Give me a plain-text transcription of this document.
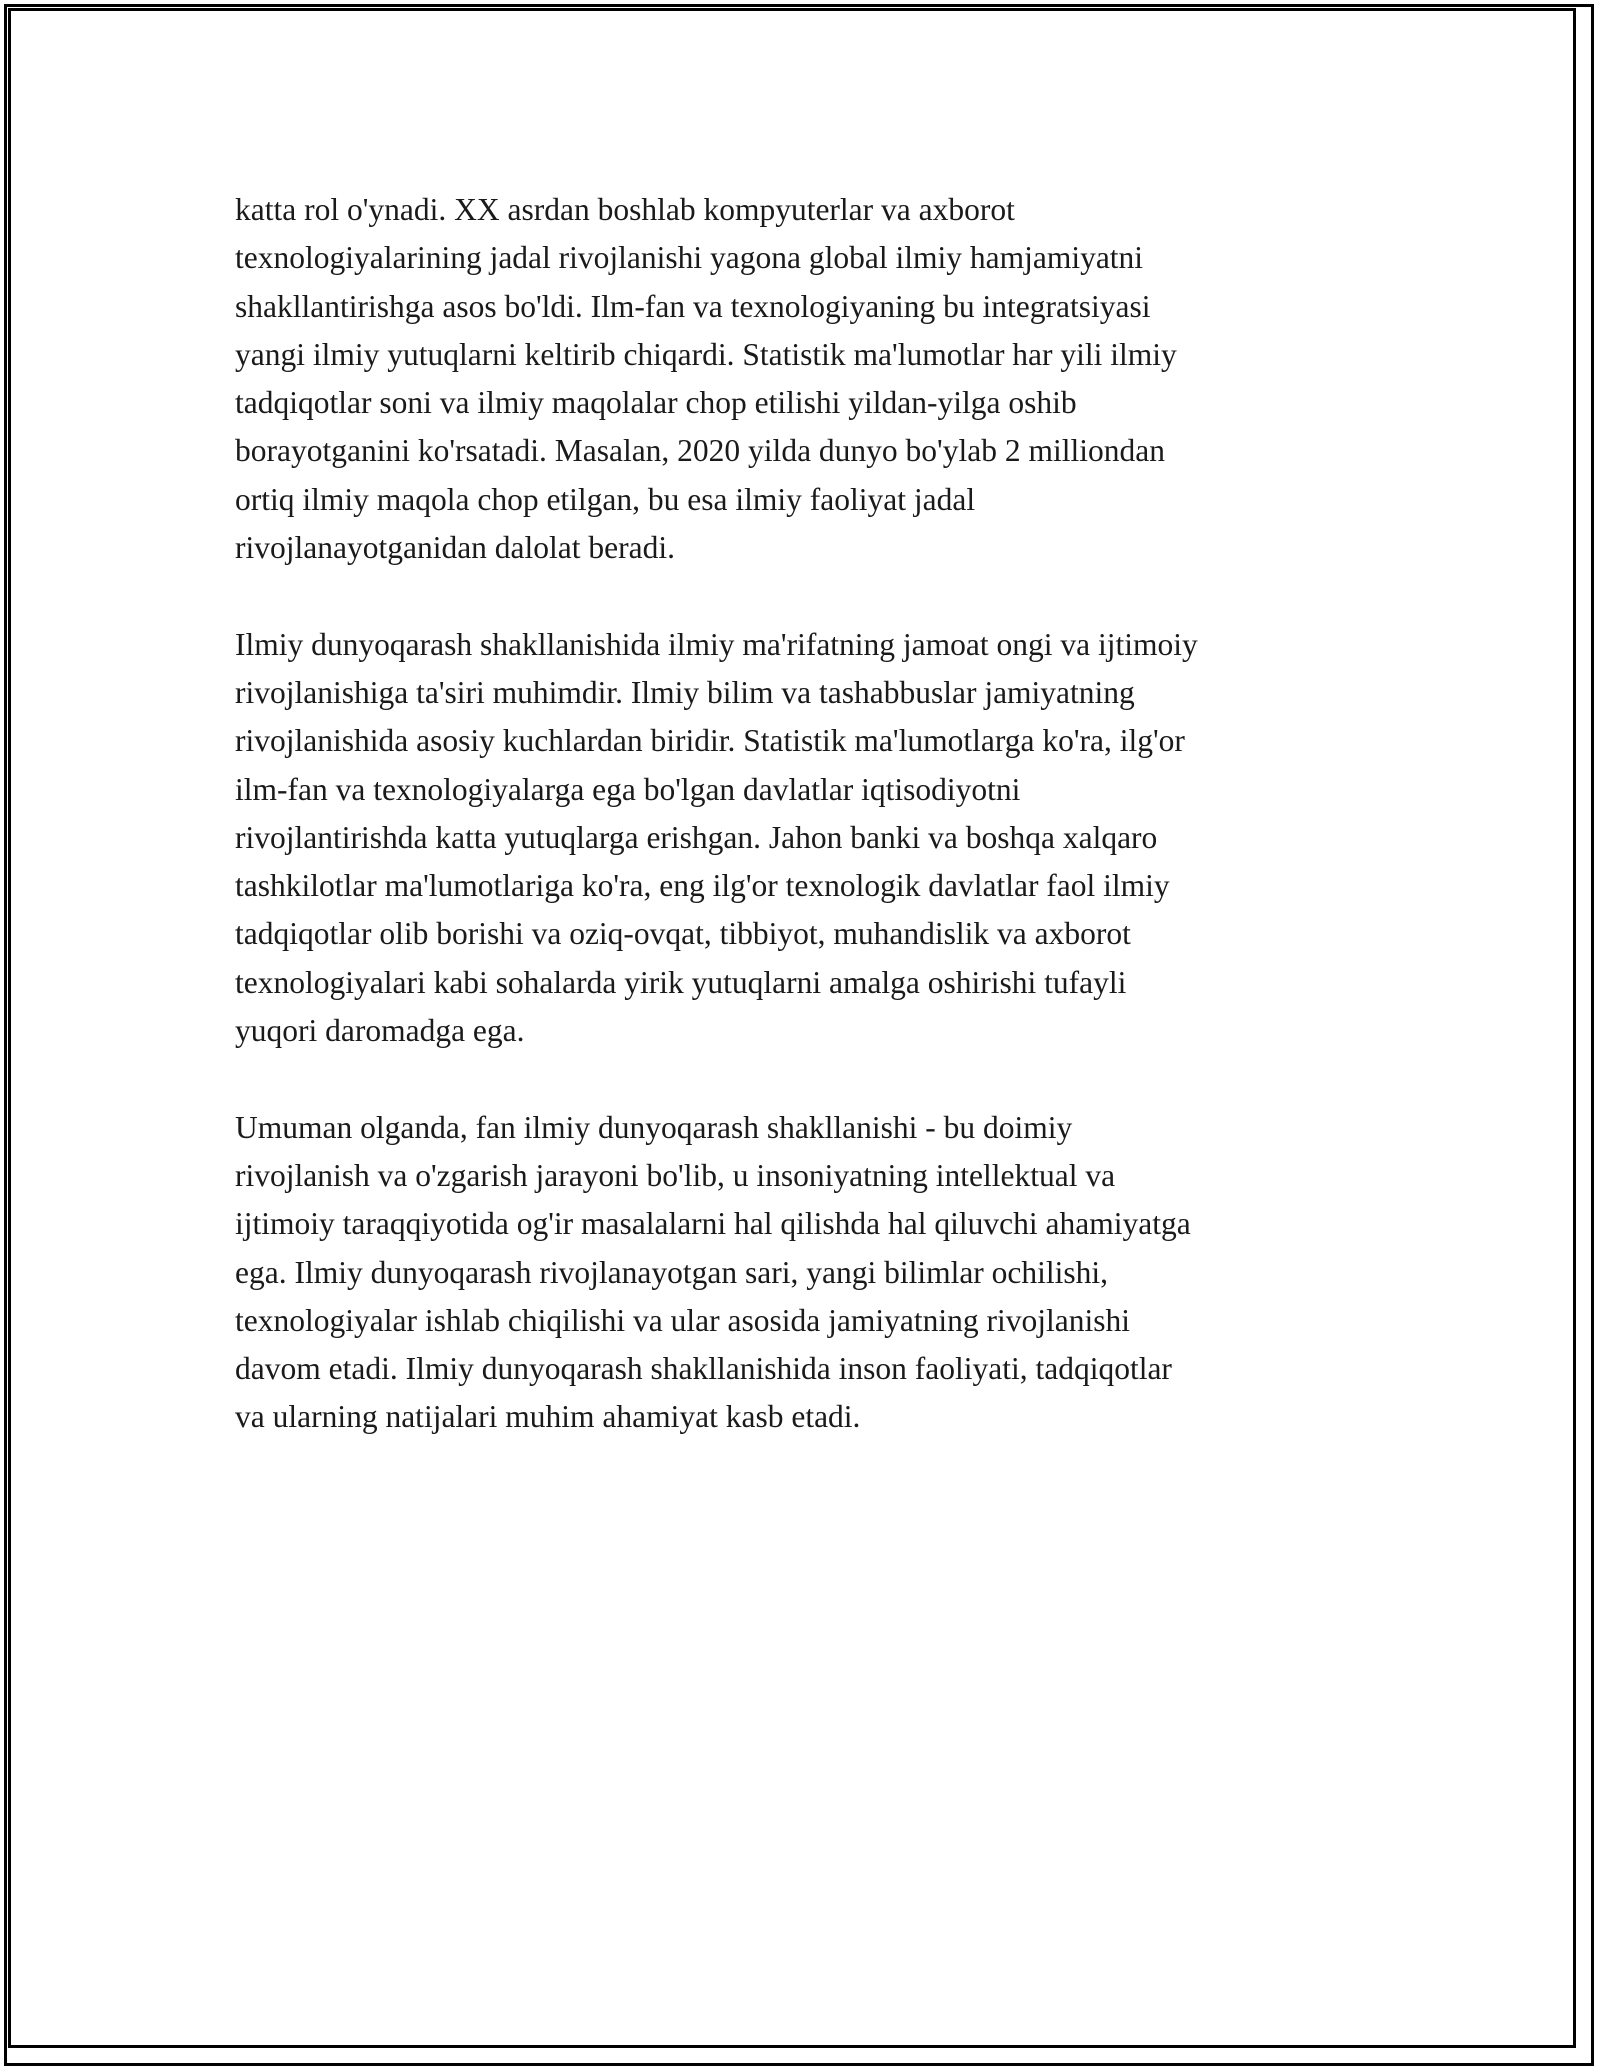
katta rol o'ynadi. XX asrdan boshlab kompyuterlar va axborot
texnologiyalarining jadal rivojlanishi yagona global ilmiy hamjamiyatni
shakllantirishga asos bo'ldi. Ilm-fan va texnologiyaning bu integratsiyasi
yangi ilmiy yutuqlarni keltirib chiqardi. Statistik ma'lumotlar har yili ilmiy
tadqiqotlar soni va ilmiy maqolalar chop etilishi yildan-yilga oshib
borayotganini ko'rsatadi. Masalan, 2020 yilda dunyo bo'ylab 2 milliondan
ortiq ilmiy maqola chop etilgan, bu esa ilmiy faoliyat jadal
rivojlanayotganidan dalolat beradi.

Ilmiy dunyoqarash shakllanishida ilmiy ma'rifatning jamoat ongi va ijtimoiy
rivojlanishiga ta'siri muhimdir. Ilmiy bilim va tashabbuslar jamiyatning
rivojlanishida asosiy kuchlardan biridir. Statistik ma'lumotlarga ko'ra, ilg'or
ilm-fan va texnologiyalarga ega bo'lgan davlatlar iqtisodiyotni
rivojlantirishda katta yutuqlarga erishgan. Jahon banki va boshqa xalqaro
tashkilotlar ma'lumotlariga ko'ra, eng ilg'or texnologik davlatlar faol ilmiy
tadqiqotlar olib borishi va oziq-ovqat, tibbiyot, muhandislik va axborot
texnologiyalari kabi sohalarda yirik yutuqlarni amalga oshirishi tufayli
yuqori daromadga ega.

Umuman olganda, fan ilmiy dunyoqarash shakllanishi - bu doimiy
rivojlanish va o'zgarish jarayoni bo'lib, u insoniyatning intellektual va
ijtimoiy taraqqiyotida og'ir masalalarni hal qilishda hal qiluvchi ahamiyatga
ega. Ilmiy dunyoqarash rivojlanayotgan sari, yangi bilimlar ochilishi,
texnologiyalar ishlab chiqilishi va ular asosida jamiyatning rivojlanishi
davom etadi. Ilmiy dunyoqarash shakllanishida inson faoliyati, tadqiqotlar
va ularning natijalari muhim ahamiyat kasb etadi.
